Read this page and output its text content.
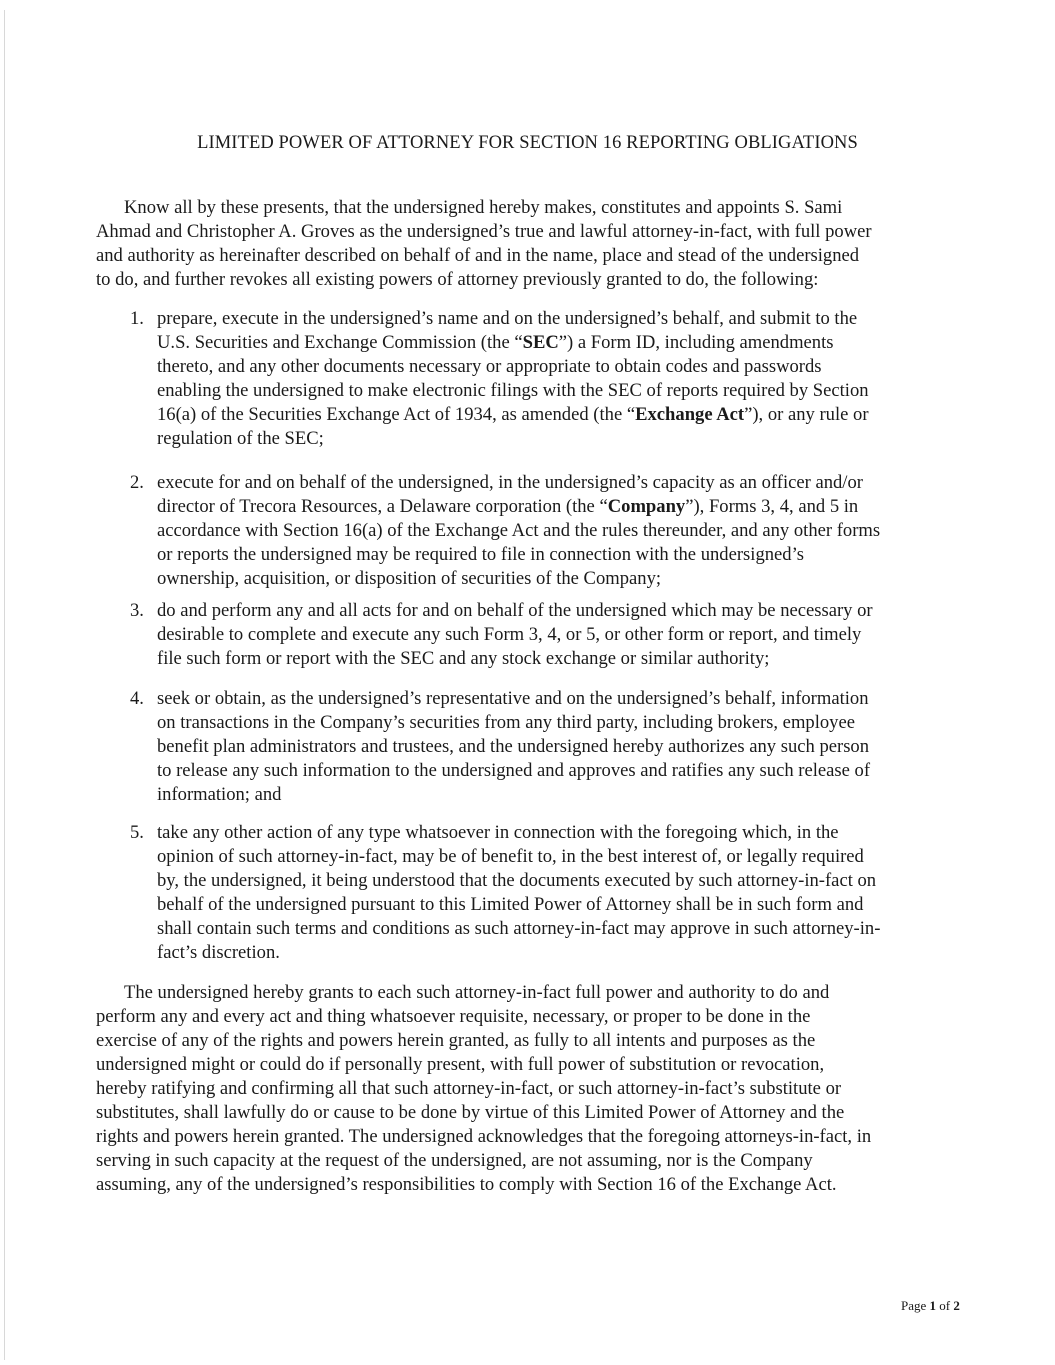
LIMITED POWER OF ATTORNEY FOR SECTION 16 REPORTING OBLIGATIONS
Know all by these presents, that the undersigned hereby makes, constitutes and appoints S. Sami
Ahmad and Christopher A. Groves as the undersigned’s true and lawful attorney-in-fact, with full power
and authority as hereinafter described on behalf of and in the name, place and stead of the undersigned
to do, and further revokes all existing powers of attorney previously granted to do, the following:
1. prepare, execute in the undersigned’s name and on the undersigned’s behalf, and submit to the
U.S. Securities and Exchange Commission (the “SEC”) a Form ID, including amendments
thereto, and any other documents necessary or appropriate to obtain codes and passwords
enabling the undersigned to make electronic filings with the SEC of reports required by Section
16(a) of the Securities Exchange Act of 1934, as amended (the “Exchange Act”), or any rule or
regulation of the SEC;
2. execute for and on behalf of the undersigned, in the undersigned’s capacity as an officer and/or
director of Trecora Resources, a Delaware corporation (the “Company”), Forms 3, 4, and 5 in
accordance with Section 16(a) of the Exchange Act and the rules thereunder, and any other forms
or reports the undersigned may be required to file in connection with the undersigned’s
ownership, acquisition, or disposition of securities of the Company;
3. do and perform any and all acts for and on behalf of the undersigned which may be necessary or
desirable to complete and execute any such Form 3, 4, or 5, or other form or report, and timely
file such form or report with the SEC and any stock exchange or similar authority;
4. seek or obtain, as the undersigned’s representative and on the undersigned’s behalf, information
on transactions in the Company’s securities from any third party, including brokers, employee
benefit plan administrators and trustees, and the undersigned hereby authorizes any such person
to release any such information to the undersigned and approves and ratifies any such release of
information; and
5. take any other action of any type whatsoever in connection with the foregoing which, in the
opinion of such attorney-in-fact, may be of benefit to, in the best interest of, or legally required
by, the undersigned, it being understood that the documents executed by such attorney-in-fact on
behalf of the undersigned pursuant to this Limited Power of Attorney shall be in such form and
shall contain such terms and conditions as such attorney-in-fact may approve in such attorney-in-
fact’s discretion.
The undersigned hereby grants to each such attorney-in-fact full power and authority to do and
perform any and every act and thing whatsoever requisite, necessary, or proper to be done in the
exercise of any of the rights and powers herein granted, as fully to all intents and purposes as the
undersigned might or could do if personally present, with full power of substitution or revocation,
hereby ratifying and confirming all that such attorney-in-fact, or such attorney-in-fact’s substitute or
substitutes, shall lawfully do or cause to be done by virtue of this Limited Power of Attorney and the
rights and powers herein granted. The undersigned acknowledges that the foregoing attorneys-in-fact, in
serving in such capacity at the request of the undersigned, are not assuming, nor is the Company
assuming, any of the undersigned’s responsibilities to comply with Section 16 of the Exchange Act.
Page 1 of 2
